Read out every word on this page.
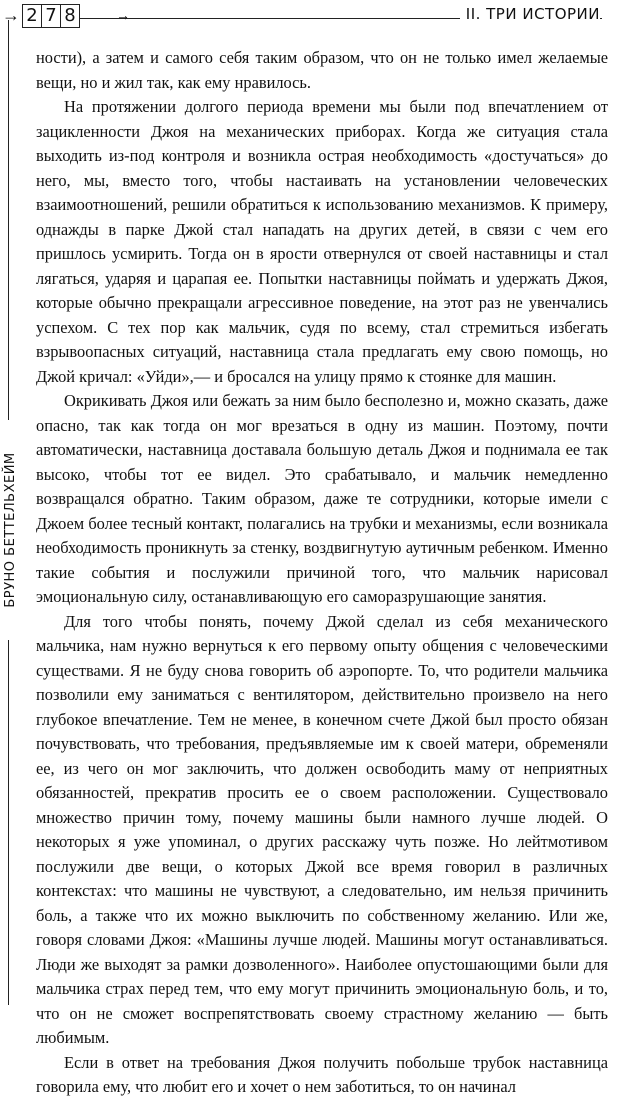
→ 2 7 8	→	II. ТРИ ИСТОРИИ
БРУНО БЕТТЕЛЬХЕЙМ

ности), а затем и самого себя таким образом, что он не только имел желаемые вещи, но и жил так, как ему нравилось.

На протяжении долгого периода времени мы были под впечатлением от зацикленности Джоя на механических приборах. Когда же ситуация стала выходить из-под контроля и возникла острая необходимость «достучаться» до него, мы, вместо того, чтобы настаивать на установлении человеческих взаимоотношений, решили обратиться к использованию механизмов. К примеру, однажды в парке Джой стал нападать на других детей, в связи с чем его пришлось усмирить. Тогда он в ярости отвернулся от своей наставницы и стал лягаться, ударяя и царапая ее. Попытки наставницы поймать и удержать Джоя, которые обычно прекращали агрессивное поведение, на этот раз не увенчались успехом. С тех пор как мальчик, судя по всему, стал стремиться избегать взрывоопасных ситуаций, наставница стала предлагать ему свою помощь, но Джой кричал: «Уйди»,— и бросался на улицу прямо к стоянке для машин.

Окрикивать Джоя или бежать за ним было бесполезно и, можно сказать, даже опасно, так как тогда он мог врезаться в одну из машин. Поэтому, почти автоматически, наставница доставала большую деталь Джоя и поднимала ее так высоко, чтобы тот ее видел. Это срабатывало, и мальчик немедленно возвращался обратно. Таким образом, даже те сотрудники, которые имели с Джоем более тесный контакт, полагались на трубки и механизмы, если возникала необходимость проникнуть за стенку, воздвигнутую аутичным ребенком. Именно такие события и послужили причиной того, что мальчик нарисовал эмоциональную силу, останавливающую его саморазрушающие занятия.

Для того чтобы понять, почему Джой сделал из себя механического мальчика, нам нужно вернуться к его первому опыту общения с человеческими существами. Я не буду снова говорить об аэропорте. То, что родители мальчика позволили ему заниматься с вентилятором, действительно произвело на него глубокое впечатление. Тем не менее, в конечном счете Джой был просто обязан почувствовать, что требования, предъявляемые им к своей матери, обременяли ее, из чего он мог заключить, что должен освободить маму от неприятных обязанностей, прекратив просить ее о своем расположении. Существовало множество причин тому, почему машины были намного лучше людей. О некоторых я уже упоминал, о других расскажу чуть позже. Но лейтмотивом послужили две вещи, о которых Джой все время говорил в различных контекстах: что машины не чувствуют, а следовательно, им нельзя причинить боль, а также что их можно выключить по собственному желанию. Или же, говоря словами Джоя: «Машины лучше людей. Машины могут останавливаться. Люди же выходят за рамки дозволенного». Наиболее опустошающими были для мальчика страх перед тем, что ему могут причинить эмоциональную боль, и то, что он не сможет воспрепятствовать своему страстному желанию — быть любимым.

Если в ответ на требования Джоя получить побольше трубок наставница говорила ему, что любит его и хочет о нем заботиться, то он начинал
